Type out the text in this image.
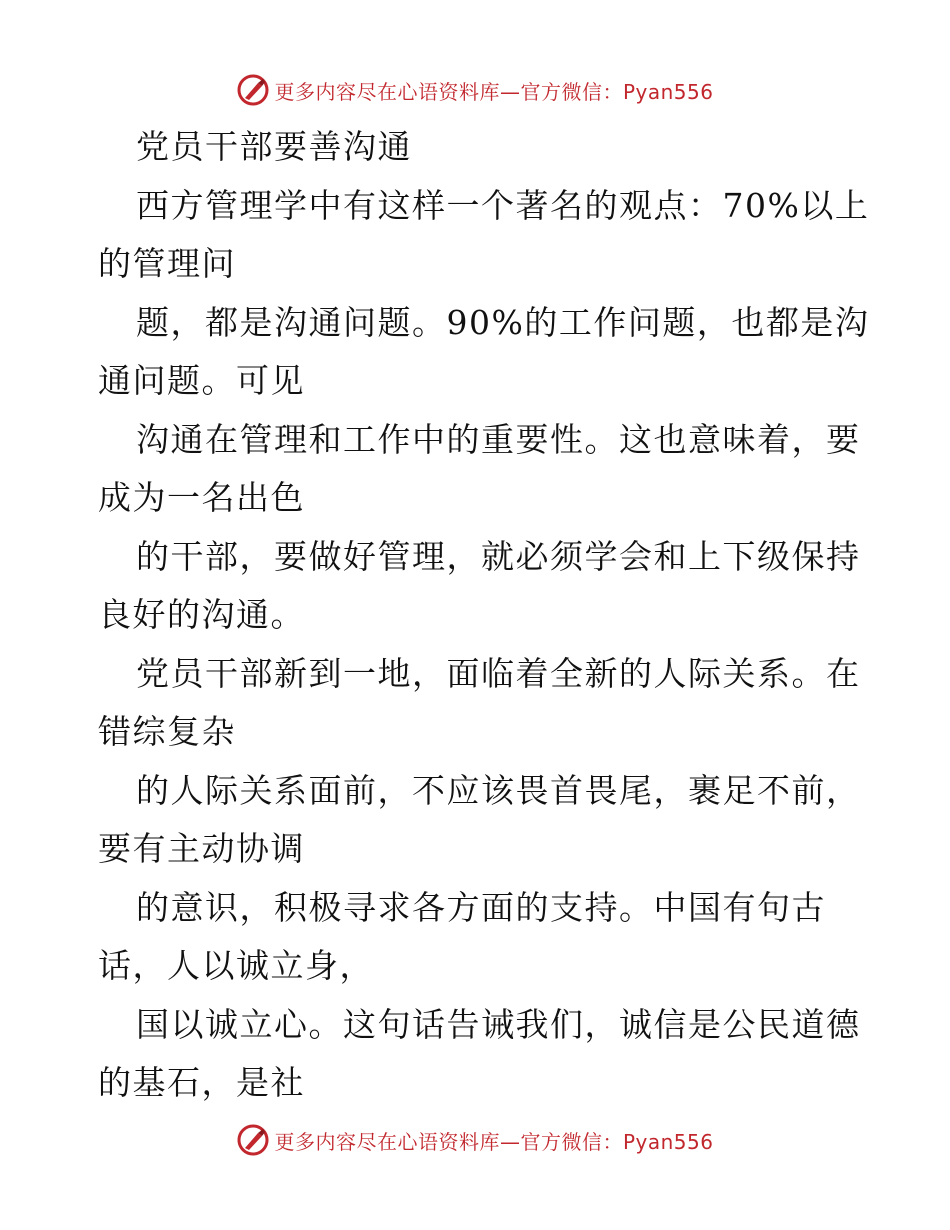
更多内容尽在心语资料库—官方微信：Pyan556
党员干部要善沟通
西方管理学中有这样一个著名的观点：70%以上
的管理问
题，都是沟通问题。90%的工作问题，也都是沟
通问题。可见
沟通在管理和工作中的重要性。这也意味着，要
成为一名出色
的干部，要做好管理，就必须学会和上下级保持
良好的沟通。
党员干部新到一地，面临着全新的人际关系。在
错综复杂
的人际关系面前，不应该畏首畏尾，裹足不前，
要有主动协调
的意识，积极寻求各方面的支持。中国有句古
话，人以诚立身，
国以诚立心。这句话告诫我们，诚信是公民道德
的基石，是社
更多内容尽在心语资料库—官方微信：Pyan556
